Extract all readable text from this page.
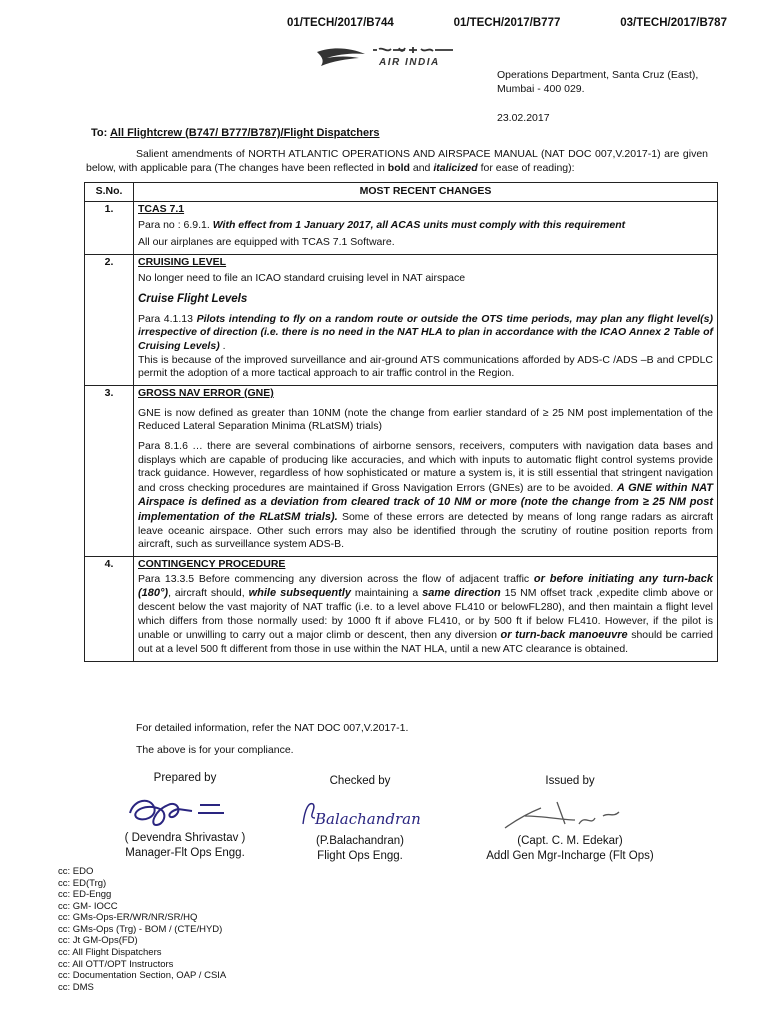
01/TECH/2017/B744	01/TECH/2017/B777	03/TECH/2017/B787
AIR INDIA
Operations Department, Santa Cruz (East),
Mumbai - 400 029.
23.02.2017
To: All Flightcrew (B747/ B777/B787)/Flight Dispatchers
Salient amendments of NORTH ATLANTIC OPERATIONS AND AIRSPACE MANUAL (NAT DOC 007,V.2017-1) are given below, with applicable para (The changes have been reflected in bold and italicized for ease of reading):
S.No.	MOST RECENT CHANGES
1.	TCAS 7.1
Para no : 6.9.1. With effect from 1 January 2017, all ACAS units must comply with this requirement
All our airplanes are equipped with TCAS 7.1 Software.

2.	CRUISING LEVEL
No longer need to file an ICAO standard cruising level in NAT airspace
Cruise Flight Levels
Para 4.1.13 Pilots intending to fly on a random route or outside the OTS time periods, may plan any flight level(s) irrespective of direction (i.e. there is no need in the NAT HLA to plan in accordance with the ICAO Annex 2 Table of Cruising Levels) .
This is because of the improved surveillance and air-ground ATS communications afforded by ADS-C /ADS –B and CPDLC permit the adoption of a more tactical approach to air traffic control in the Region.

3.	GROSS NAV ERROR (GNE)
GNE is now defined as greater than 10NM (note the change from earlier standard of ≥ 25 NM post implementation of the Reduced Lateral Separation Minima (RLatSM) trials)
Para 8.1.6 … there are several combinations of airborne sensors, receivers, computers with navigation data bases and displays which are capable of producing like accuracies, and which with inputs to automatic flight control systems provide track guidance. However, regardless of how sophisticated or mature a system is, it is still essential that stringent navigation and cross checking procedures are maintained if Gross Navigation Errors (GNEs) are to be avoided. A GNE within NAT Airspace is defined as a deviation from cleared track of 10 NM or more (note the change from ≥ 25 NM post implementation of the RLatSM trials). Some of these errors are detected by means of long range radars as aircraft leave oceanic airspace. Other such errors may also be identified through the scrutiny of routine position reports from aircraft, such as surveillance system ADS-B.

4.	CONTINGENCY PROCEDURE
Para 13.3.5 Before commencing any diversion across the flow of adjacent traffic or before initiating any turn-back (180°), aircraft should, while subsequently maintaining a same direction 15 NM offset track ,expedite climb above or descent below the vast majority of NAT traffic (i.e. to a level above FL410 or belowFL280), and then maintain a flight level which differs from those normally used: by 1000 ft if above FL410, or by 500 ft if below FL410. However, if the pilot is unable or unwilling to carry out a major climb or descent, then any diversion or turn-back manoeuvre should be carried out at a level 500 ft different from those in use within the NAT HLA, until a new ATC clearance is obtained.
For detailed information, refer the NAT DOC 007,V.2017-1.
The above is for your compliance.
Prepared by
( Devendra Shrivastav )
Manager-Flt Ops Engg.
Checked by
Balachandran
(P.Balachandran)
Flight Ops Engg.
Issued by
(Capt. C. M. Edekar)
Addl Gen Mgr-Incharge (Flt Ops)
cc: EDO
cc: ED(Trg)
cc: ED-Engg
cc: GM- IOCC
cc: GMs-Ops-ER/WR/NR/SR/HQ
cc: GMs-Ops (Trg) - BOM / (CTE/HYD)
cc: Jt GM-Ops(FD)
cc: All Flight Dispatchers
cc: All OTT/OPT Instructors
cc: Documentation Section, OAP / CSIA
cc: DMS
